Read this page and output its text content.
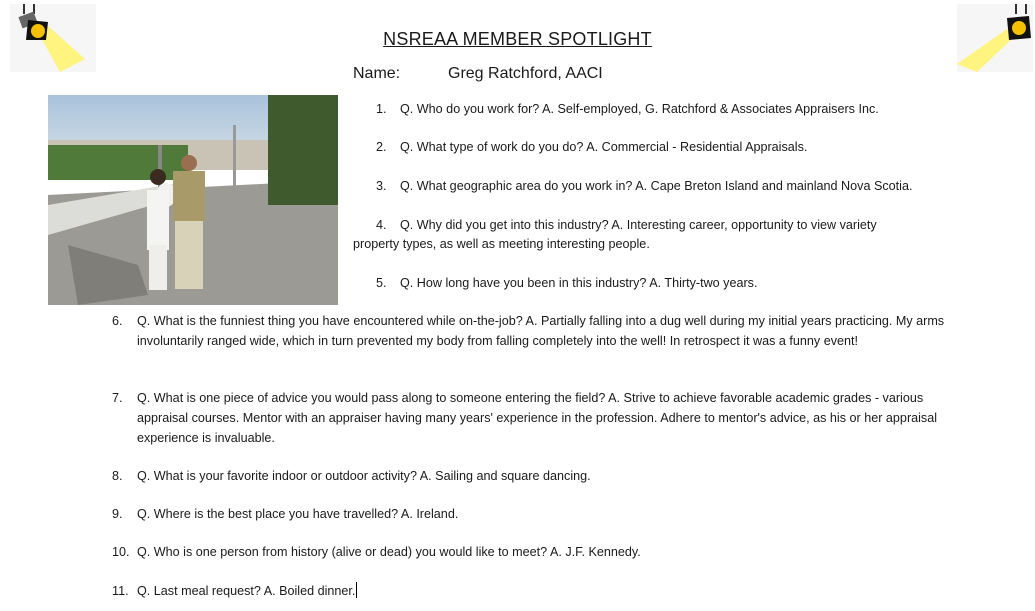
NSREAA MEMBER SPOTLIGHT
Name:	Greg Ratchford, AACI
1. Q. Who do you work for? A. Self-employed, G. Ratchford & Associates Appraisers Inc.
2. Q. What type of work do you do? A. Commercial - Residential Appraisals.
3. Q. What geographic area do you work in? A. Cape Breton Island and mainland Nova Scotia.
4. Q. Why did you get into this industry? A. Interesting career, opportunity to view variety
property types, as well as meeting interesting people.
5. Q. How long have you been in this industry? A. Thirty-two years.
6. Q. What is the funniest thing you have encountered while on-the-job? A. Partially falling into a dug well during my initial years practicing. My arms involuntarily ranged wide, which in turn prevented my body from falling completely into the well! In retrospect it was a funny event!
7. Q. What is one piece of advice you would pass along to someone entering the field? A. Strive to achieve favorable academic grades - various appraisal courses. Mentor with an appraiser having many years' experience in the profession. Adhere to mentor's advice, as his or her appraisal experience is invaluable.
8. Q. What is your favorite indoor or outdoor activity? A. Sailing and square dancing.
9. Q. Where is the best place you have travelled? A. Ireland.
10. Q. Who is one person from history (alive or dead) you would like to meet? A. J.F. Kennedy.
11. Q. Last meal request? A. Boiled dinner.
